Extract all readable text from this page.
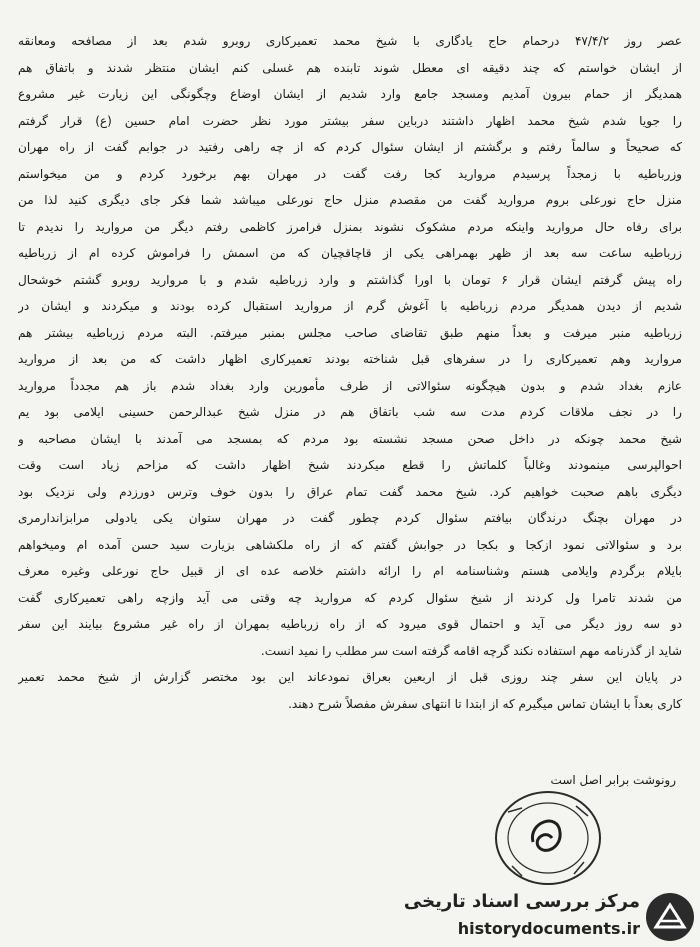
عصر روز ۴۷/۴/۲ درحمام حاج یادگاری با شیخ محمد تعمیرکاری روبرو شدم بعد از مصافحه ومعانقه
از ایشان خواستم که چند دقیقه ای معطل شوند تابنده هم غسلی کنم ایشان منتظر شدند و باتفاق هم
همدیگر از حمام بیرون آمدیم ومسجد جامع وارد شدیم از ایشان اوضاع وچگونگی این زیارت غیر مشروع
را جویا شدم شیخ محمد اظهار داشتند درباین سفر بیشتر مورد نظر حضرت امام حسین (ع) قرار گرفتم
که صحیحاً و سالماً رفتم و برگشتم از ایشان سئوال کردم که از چه راهی رفتید در جوابم گفت از راه مهران
وزرباطیه با زمجداً پرسیدم مروارید کجا رفت گفت در مهران بهم برخورد کردم و من میخواستم
منزل حاج نورعلی بروم مروارید گفت من مقصدم منزل حاج نورعلی میباشد شما فکر جای دیگری کنید لذا من
برای رفاه حال مروارید واینکه مردم مشکوک نشوند بمنزل فرامرز کاظمی رفتم دیگر من مروارید را ندیدم تا
زرباطیه ساعت سه بعد از ظهر بهمراهی یکی از قاچاقچیان که من اسمش را فراموش کرده ام از زرباطیه
راه پیش گرفتم ایشان قرار ۶ تومان با اورا گذاشتم و وارد زرباطیه شدم و با مروارید روبرو گشتم خوشحال
شدیم از دیدن همدیگر مردم زرباطیه با آغوش گرم از مروارید استقبال کرده بودند و میکردند و ایشان در
زرباطیه منبر میرفت و بعداً منهم طبق تقاضای صاحب مجلس بمنبر میرفتم. البته مردم زرباطیه بیشتر هم
مروارید وهم تعمیرکاری را در سفرهای قبل شناخته بودند تعمیرکاری اظهار داشت که من بعد از مروارید
عازم بغداد شدم و بدون هیچگونه سئوالاتی از طرف مأمورین وارد بغداد شدم باز هم مجدداً مروارید
را در نجف ملاقات کردم مدت سه شب باتفاق هم در منزل شیخ عبدالرحمن حسینی ایلامی بود یم
شیخ محمد چونکه در داخل صحن مسجد نشسته بود مردم که بمسجد می آمدند با ایشان مصاحبه و
احوالپرسی مینمودند وغالباً کلماتش را قطع میکردند شیخ اظهار داشت که مزاحم زیاد است وقت
دیگری باهم صحبت خواهیم کرد. شیخ محمد گفت تمام عراق را بدون خوف وترس دورزدم ولی نزدیک بود
در مهران بچنگ درندگان بیافتم سئوال کردم چطور گفت در مهران ستوان یکی یادولی مرابزاندارمری
برد و سئوالاتی نمود ازکجا و بکجا در جوابش گفتم که از راه ملکشاهی بزیارت سید حسن آمده ام ومیخواهم
بایلام برگردم وایلامی هستم وشناسنامه ام را ارائه داشتم خلاصه عده ای از قبیل حاج نورعلی وغیره معرف
من شدند تامرا ول کردند از شیخ سئوال کردم که مروارید چه وقتی می آید وازچه راهی تعمیرکاری گفت
دو سه روز دیگر می آید و احتمال قوی میرود که از راه زرباطیه بمهران از راه غیر مشروع بیایند این سفر
شاید از گذرنامه مهم استفاده نکند گرچه اقامه گرفته است سر مطلب را نمید انست.
در پایان این سفر چند روزی قبل از اربعین بعراق نمودعاند این بود مختصر گزارش از شیخ محمد تعمیر
کاری بعداً با ایشان تماس میگیرم که از ابتدا تا انتهای سفرش مفصلاً شرح دهند.
رونوشت برابر اصل است
مرکز بررسی اسناد تاریخی
historydocuments.ir
